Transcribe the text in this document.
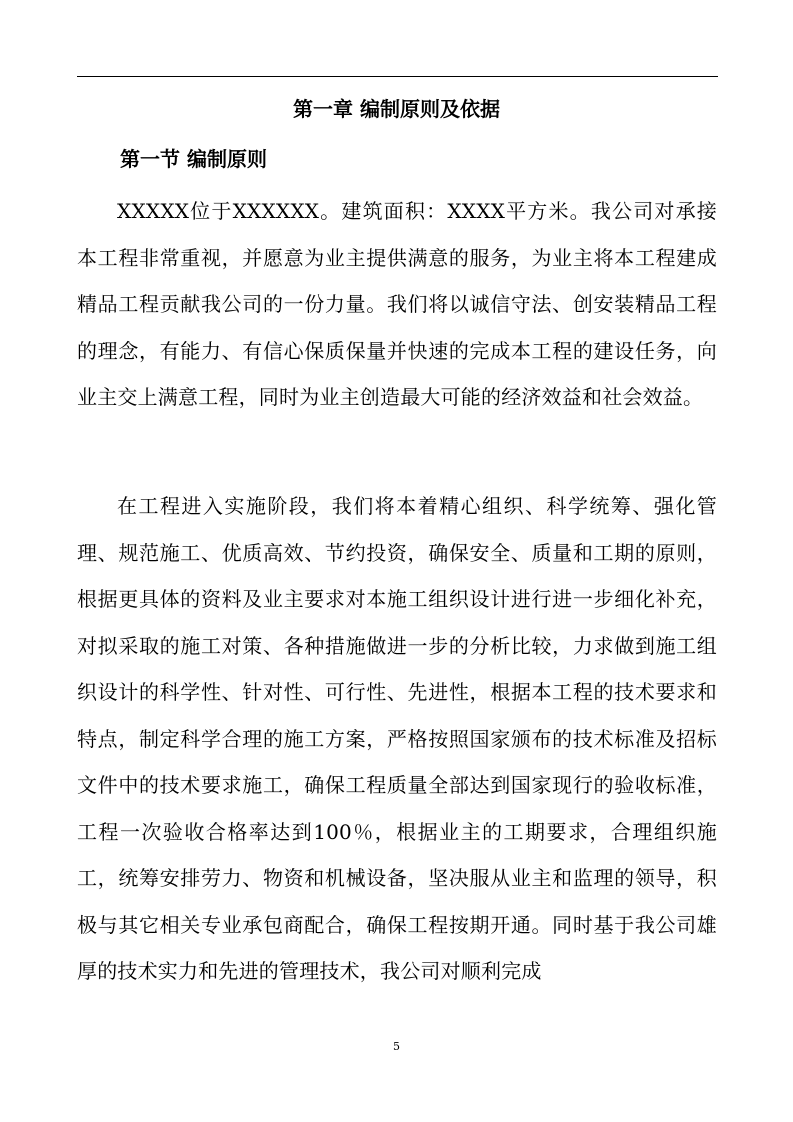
第一章 编制原则及依据
第一节 编制原则

XXXXX位于XXXXXX。建筑面积：XXXX平方米。我公司对承接本工程非常重视，并愿意为业主提供满意的服务，为业主将本工程建成精品工程贡献我公司的一份力量。我们将以诚信守法、创安装精品工程的理念，有能力、有信心保质保量并快速的完成本工程的建设任务，向业主交上满意工程，同时为业主创造最大可能的经济效益和社会效益。

在工程进入实施阶段，我们将本着精心组织、科学统筹、强化管理、规范施工、优质高效、节约投资，确保安全、质量和工期的原则，根据更具体的资料及业主要求对本施工组织设计进行进一步细化补充，对拟采取的施工对策、各种措施做进一步的分析比较，力求做到施工组织设计的科学性、针对性、可行性、先进性，根据本工程的技术要求和特点，制定科学合理的施工方案，严格按照国家颁布的技术标准及招标文件中的技术要求施工，确保工程质量全部达到国家现行的验收标准，工程一次验收合格率达到100％，根据业主的工期要求，合理组织施工，统筹安排劳力、物资和机械设备，坚决服从业主和监理的领导，积极与其它相关专业承包商配合，确保工程按期开通。同时基于我公司雄厚的技术实力和先进的管理技术，我公司对顺利完成

5
